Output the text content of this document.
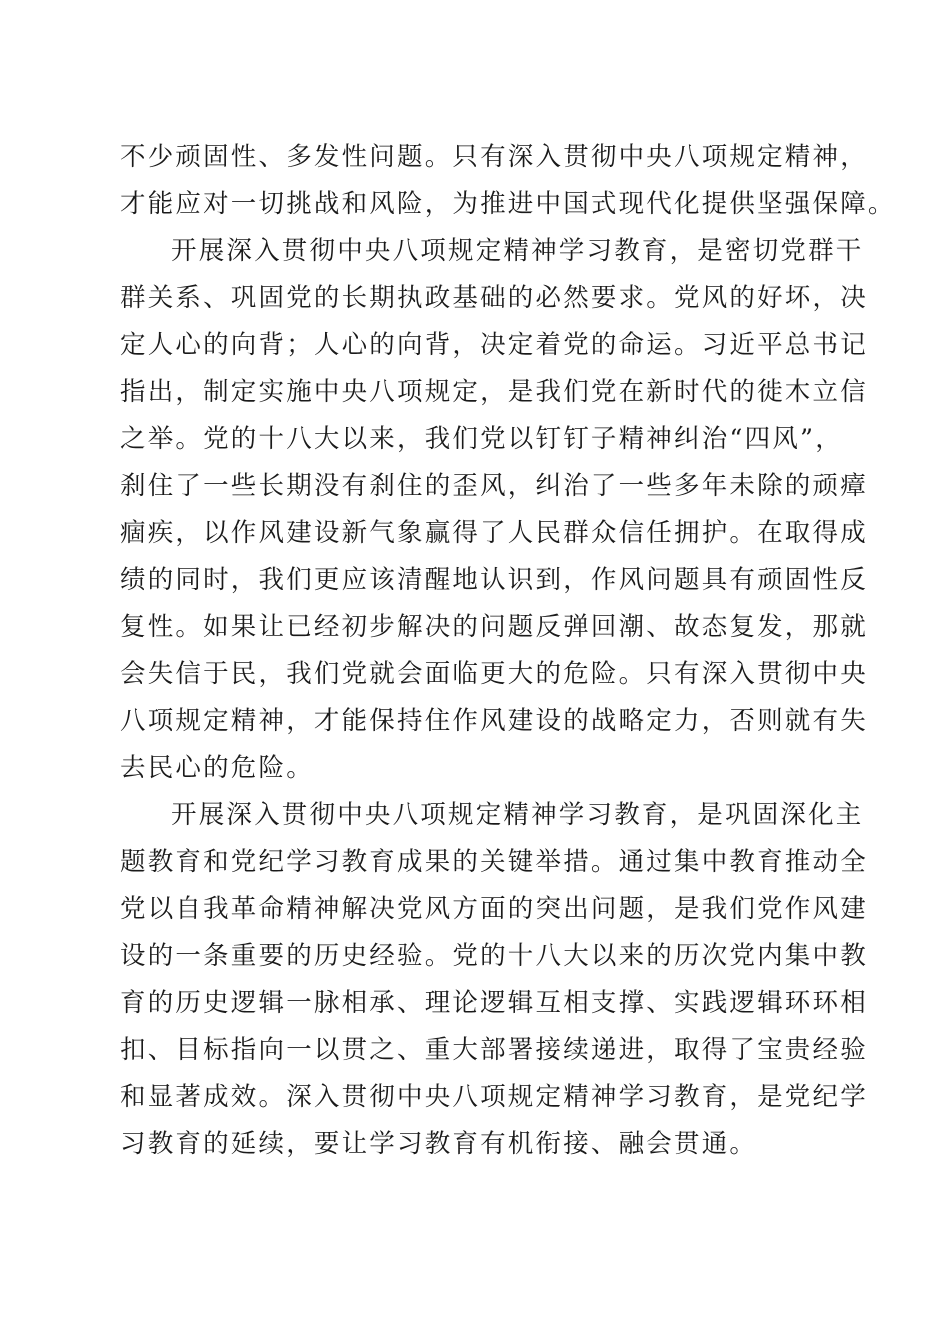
不少顽固性、多发性问题。只有深入贯彻中央八项规定精神，
才能应对一切挑战和风险，为推进中国式现代化提供坚强保障。
开展深入贯彻中央八项规定精神学习教育，是密切党群干
群关系、巩固党的长期执政基础的必然要求。党风的好坏，决
定人心的向背；人心的向背，决定着党的命运。习近平总书记
指出，制定实施中央八项规定，是我们党在新时代的徙木立信
之举。党的十八大以来，我们党以钉钉子精神纠治“四风”，
刹住了一些长期没有刹住的歪风，纠治了一些多年未除的顽瘴
痼疾，以作风建设新气象赢得了人民群众信任拥护。在取得成
绩的同时，我们更应该清醒地认识到，作风问题具有顽固性反
复性。如果让已经初步解决的问题反弹回潮、故态复发，那就
会失信于民，我们党就会面临更大的危险。只有深入贯彻中央
八项规定精神，才能保持住作风建设的战略定力，否则就有失
去民心的危险。
开展深入贯彻中央八项规定精神学习教育，是巩固深化主
题教育和党纪学习教育成果的关键举措。通过集中教育推动全
党以自我革命精神解决党风方面的突出问题，是我们党作风建
设的一条重要的历史经验。党的十八大以来的历次党内集中教
育的历史逻辑一脉相承、理论逻辑互相支撑、实践逻辑环环相
扣、目标指向一以贯之、重大部署接续递进，取得了宝贵经验
和显著成效。深入贯彻中央八项规定精神学习教育，是党纪学
习教育的延续，要让学习教育有机衔接、融会贯通。
